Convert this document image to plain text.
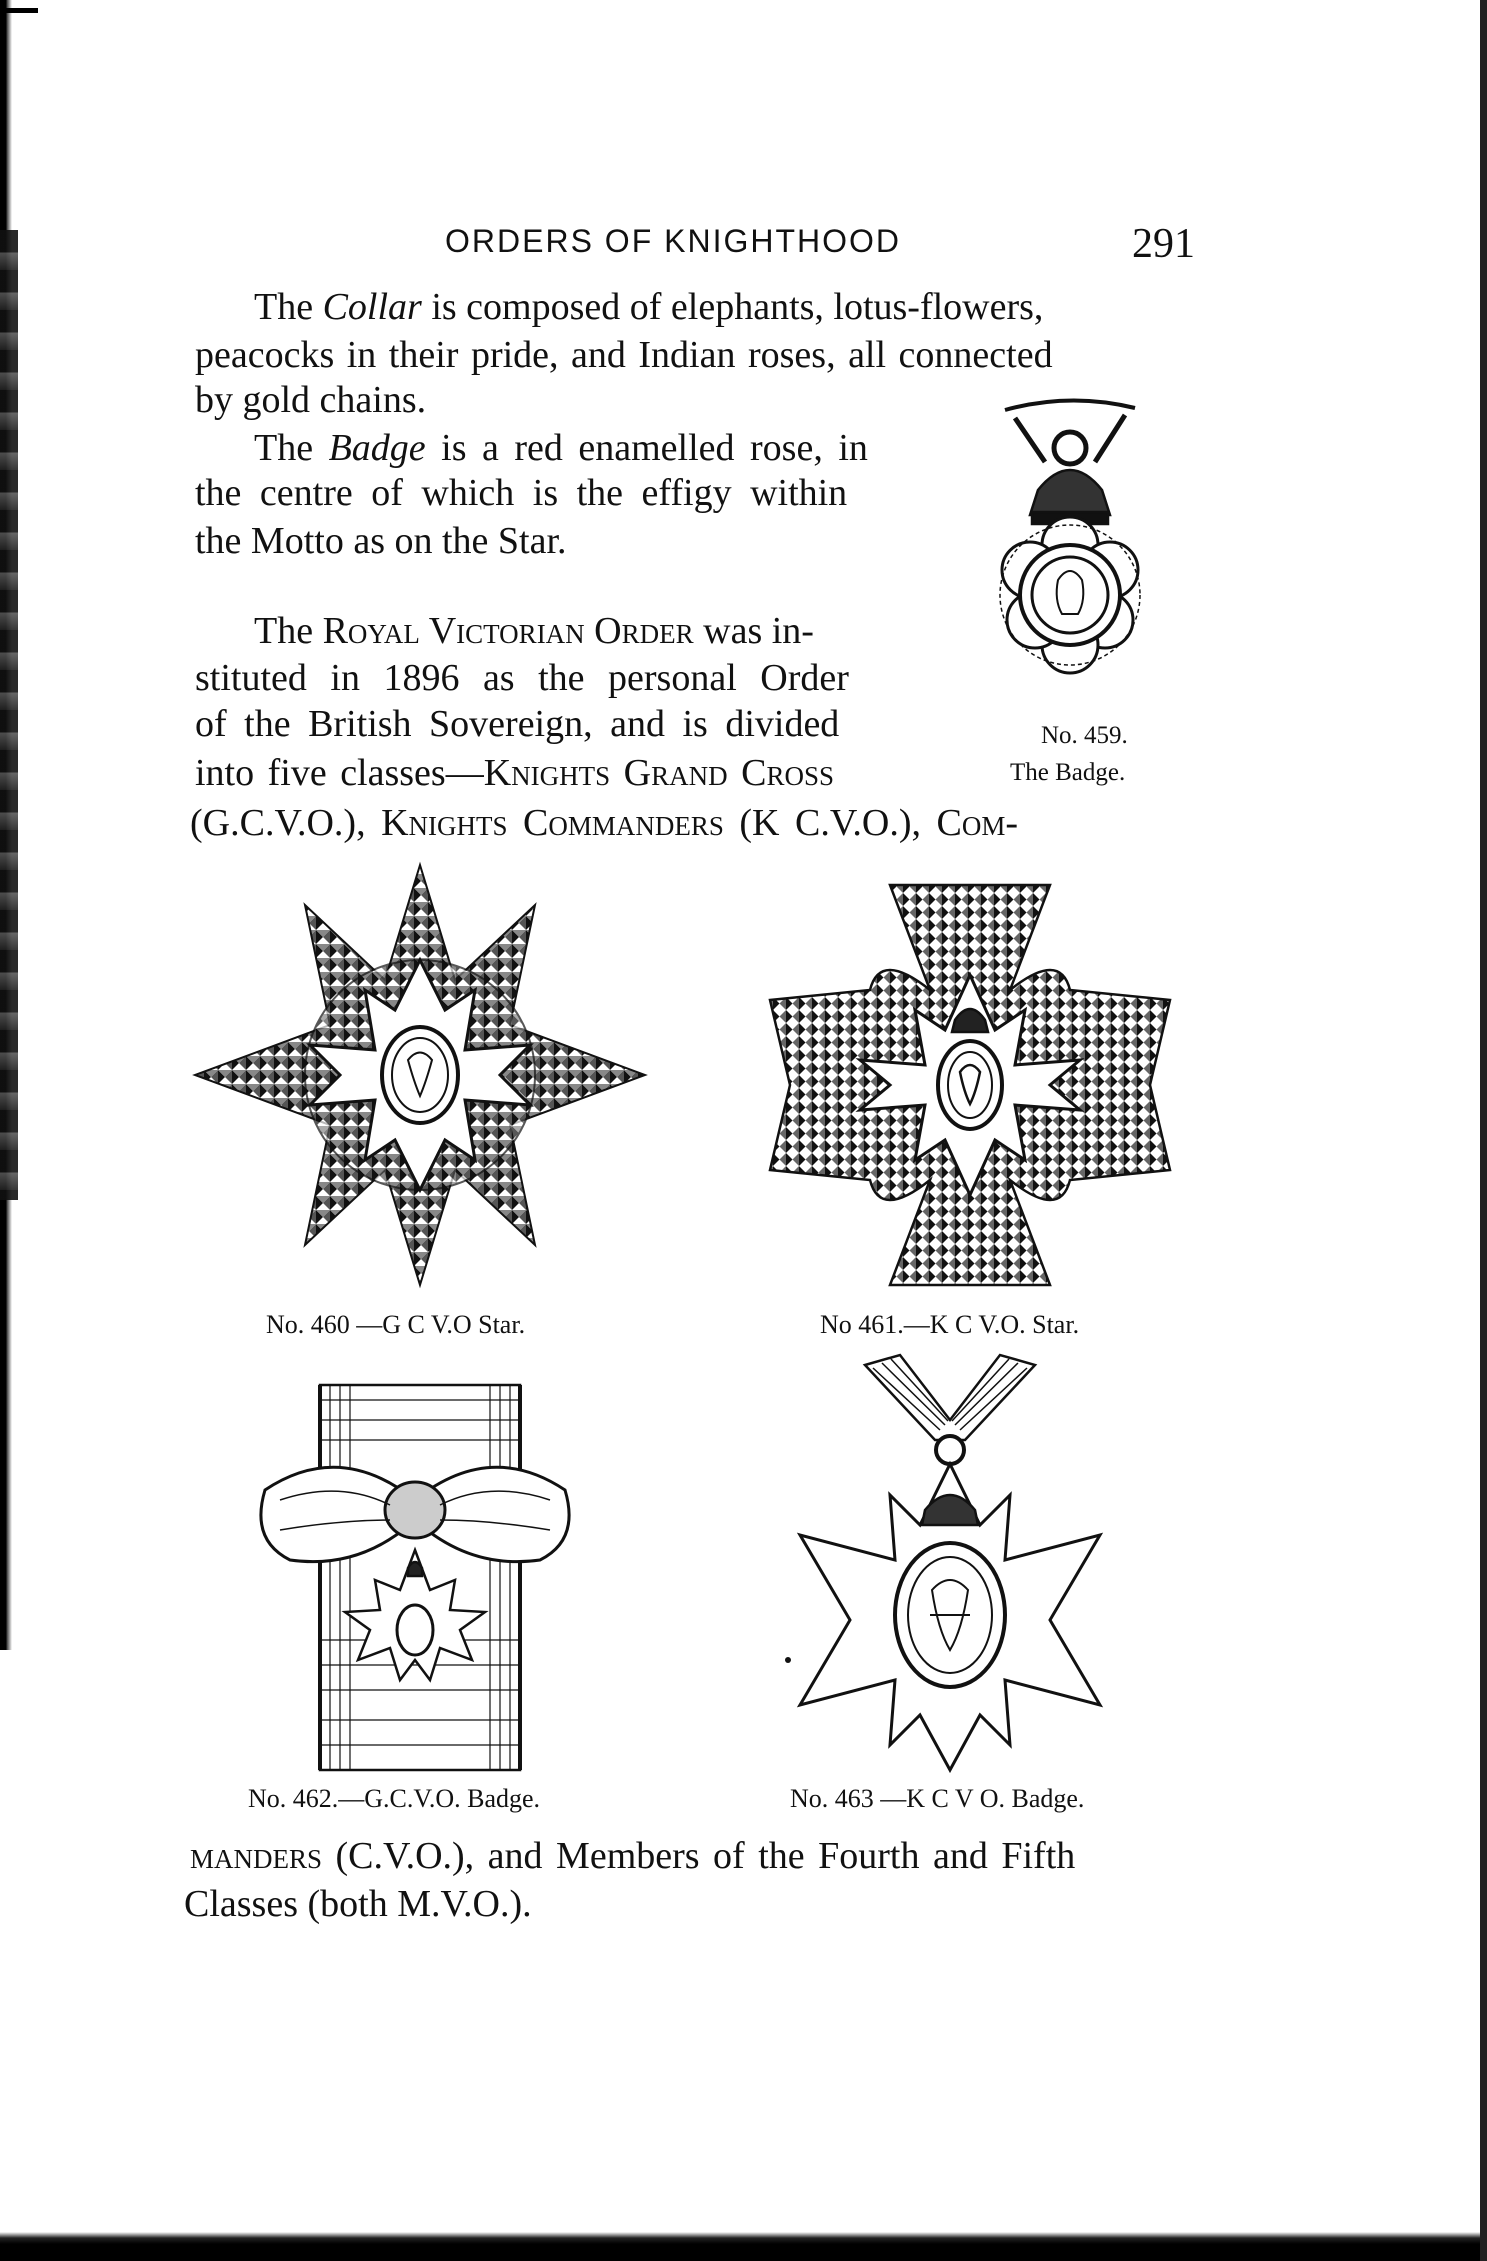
ORDERS OF KNIGHTHOOD	291
The Collar is composed of elephants, lotus-flowers,
peacocks in their pride, and Indian roses, all connected
by gold chains.
The Badge is a red enamelled rose, in
the centre of which is the effigy within
the Motto as on the Star.
The Royal Victorian Order was in-
stituted in 1896 as the personal Order
of the British Sovereign, and is divided
into five classes—Knights Grand Cross
(G.C.V.O.), Knights Commanders (K C.V.O.), Com-
No. 459.
The Badge.
No. 460 —G C V.O Star.	No 461.—K C V.O. Star.
No. 462.—G.C.V.O. Badge.	No. 463 —K C V O. Badge.
manders (C.V.O.), and Members of the Fourth and Fifth
Classes (both M.V.O.).
